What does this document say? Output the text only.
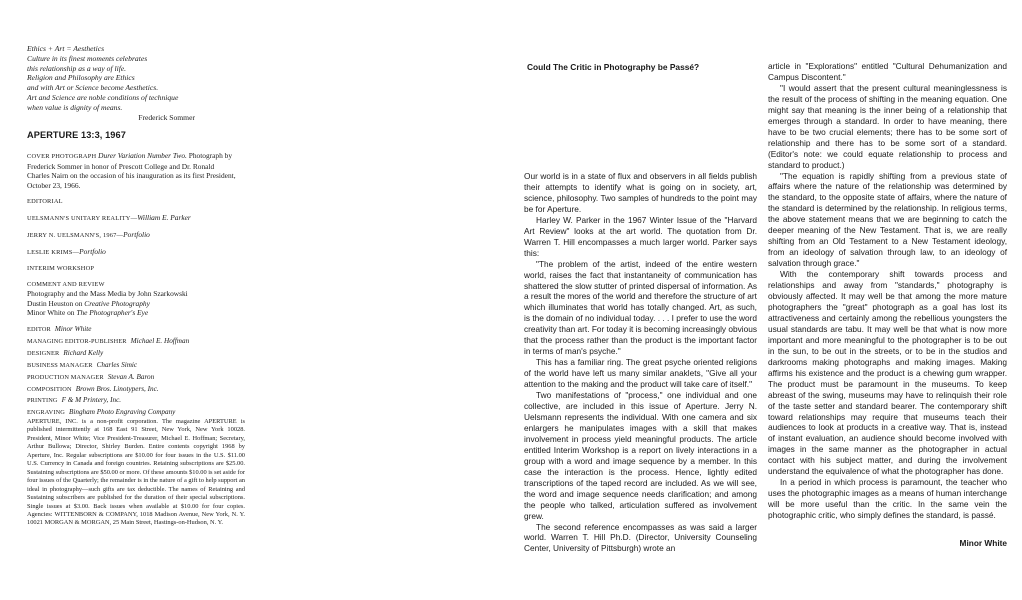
Ethics + Art = Aesthetics
Culture in its finest moments celebrates
this relationship as a way of life.
Religion and Philosophy are Ethics
and with Art or Science become Aesthetics.
Art and Science are noble conditions of technique
when value is dignity of means.
Frederick Sommer
APERTURE 13:3, 1967
COVER PHOTOGRAPH Durer Variation Number Two. Photograph by Frederick Sommer in honor of Prescott College and Dr. Ronald Charles Nairn on the occasion of his inauguration as its first President, October 23, 1966.
EDITORIAL
UELSMANN'S UNITARY REALITY—William E. Parker
JERRY N. UELSMANN'S, 1967—Portfolio
LESLIE KRIMS—Portfolio
INTERIM WORKSHOP
COMMENT AND REVIEW
Photography and the Mass Media by John Szarkowski
Dustin Heuston on Creative Photography
Minor White on The Photographer's Eye
EDITOR Minor White
MANAGING EDITOR-PUBLISHER Michael E. Hoffman
DESIGNER Richard Kelly
BUSINESS MANAGER Charles Simic
PRODUCTION MANAGER Stevan A. Baron
COMPOSITION Brown Bros. Linotypers, Inc.
PRINTING F & M Printery, Inc.
ENGRAVING Bingham Photo Engraving Company
APERTURE, INC. is a non-profit corporation. The magazine APERTURE is published intermittently at 168 East 91 Street, New York, New York 10028. President, Minor White; Vice President-Treasurer, Michael E. Hoffman; Secretary, Arthur Bullowa; Director, Shirley Burden. Entire contents copyright 1968 by Aperture, Inc. Regular subscriptions are $10.00 for four issues in the U.S. $11.00 U.S. Currency in Canada and foreign countries. Retaining subscriptions are $25.00. Sustaining subscriptions are $50.00 or more. Of these amounts $10.00 is set aside for four issues of the Quarterly; the remainder is in the nature of a gift to help support an ideal in photography—such gifts are tax deductible. The names of Retaining and Sustaining subscribers are published for the duration of their special subscriptions. Single issues at $3.00. Back issues when available at $10.00 for four copies. Agencies: WITTENBORN & COMPANY, 1018 Madison Avenue, New York, N. Y. 10021 MORGAN & MORGAN, 25 Main Street, Hastings-on-Hudson, N. Y.
Could The Critic in Photography be Passé?

Our world is in a state of flux and observers in all fields publish their attempts to identify what is going on in society, art, science, philosophy. Two samples of hundreds to the point may be for Aperture.

Harley W. Parker in the 1967 Winter Issue of the "Harvard Art Review" looks at the art world. The quotation from Dr. Warren T. Hill encompasses a much larger world. Parker says this:

"The problem of the artist, indeed of the entire western world, raises the fact that instantaneity of communication has shattered the slow stutter of printed dispersal of information. As a result the mores of the world and therefore the structure of art which illuminates that world has totally changed. Art, as such, is the domain of no individual today. . . . I prefer to use the word creativity than art. For today it is becoming increasingly obvious that the process rather than the product is the important factor in terms of man's psyche."

This has a familiar ring. The great psyche oriented religions of the world have left us many similar anaklets, "Give all your attention to the making and the product will take care of itself."

Two manifestations of "process," one individual and one collective, are included in this issue of Aperture. Jerry N. Uelsmann represents the individual. With one camera and six enlargers he manipulates images with a skill that makes involvement in process yield meaningful products. The article entitled Interim Workshop is a report on lively interactions in a group with a word and image sequence by a member. In this case the interaction is the process. Hence, lightly edited transcriptions of the taped record are included. As we will see, the word and image sequence needs clarification; and among the people who talked, articulation suffered as involvement grew.

The second reference encompasses as was said a larger world. Warren T. Hill Ph.D. (Director, University Counseling Center, University of Pittsburgh) wrote an

article in "Explorations" entitled "Cultural Dehumanization and Campus Discontent."

"I would assert that the present cultural meaninglessness is the result of the process of shifting in the meaning equation. One might say that meaning is the inner being of a relationship that emerges through a standard. In order to have meaning, there have to be two crucial elements; there has to be some sort of relationship and there has to be some sort of a standard. (Editor's note: we could equate relationship to process and standard to product.)

"The equation is rapidly shifting from a previous state of affairs where the nature of the relationship was determined by the standard, to the opposite state of affairs, where the nature of the standard is determined by the relationship. In religious terms, the above statement means that we are beginning to catch the deeper meaning of the New Testament. That is, we are really shifting from an Old Testament to a New Testament ideology, from an ideology of salvation through law, to an ideology of salvation through grace."

With the contemporary shift towards process and relationships and away from "standards," photography is obviously affected. It may well be that among the more mature photographers the "great" photograph as a goal has lost its attractiveness and certainly among the rebellious youngsters the usual standards are tabu. It may well be that what is now more important and more meaningful to the photographer is to be out in the sun, to be out in the streets, or to be in the studios and darkrooms making photographs and making images. Making affirms his existence and the product is a chewing gum wrapper. The product must be paramount in the museums. To keep abreast of the swing, museums may have to relinquish their role of the taste setter and standard bearer. The contemporary shift toward relationships may require that museums teach their audiences to look at products in a creative way. That is, instead of instant evaluation, an audience should become involved with images in the same manner as the photographer in actual contact with his subject matter, and during the involvement understand the equivalence of what the photographer has done.

In a period in which process is paramount, the teacher who uses the photographic images as a means of human interchange will be more useful than the critic. In the same vein the photographic critic, who simply defines the standard, is passé.

Minor White
